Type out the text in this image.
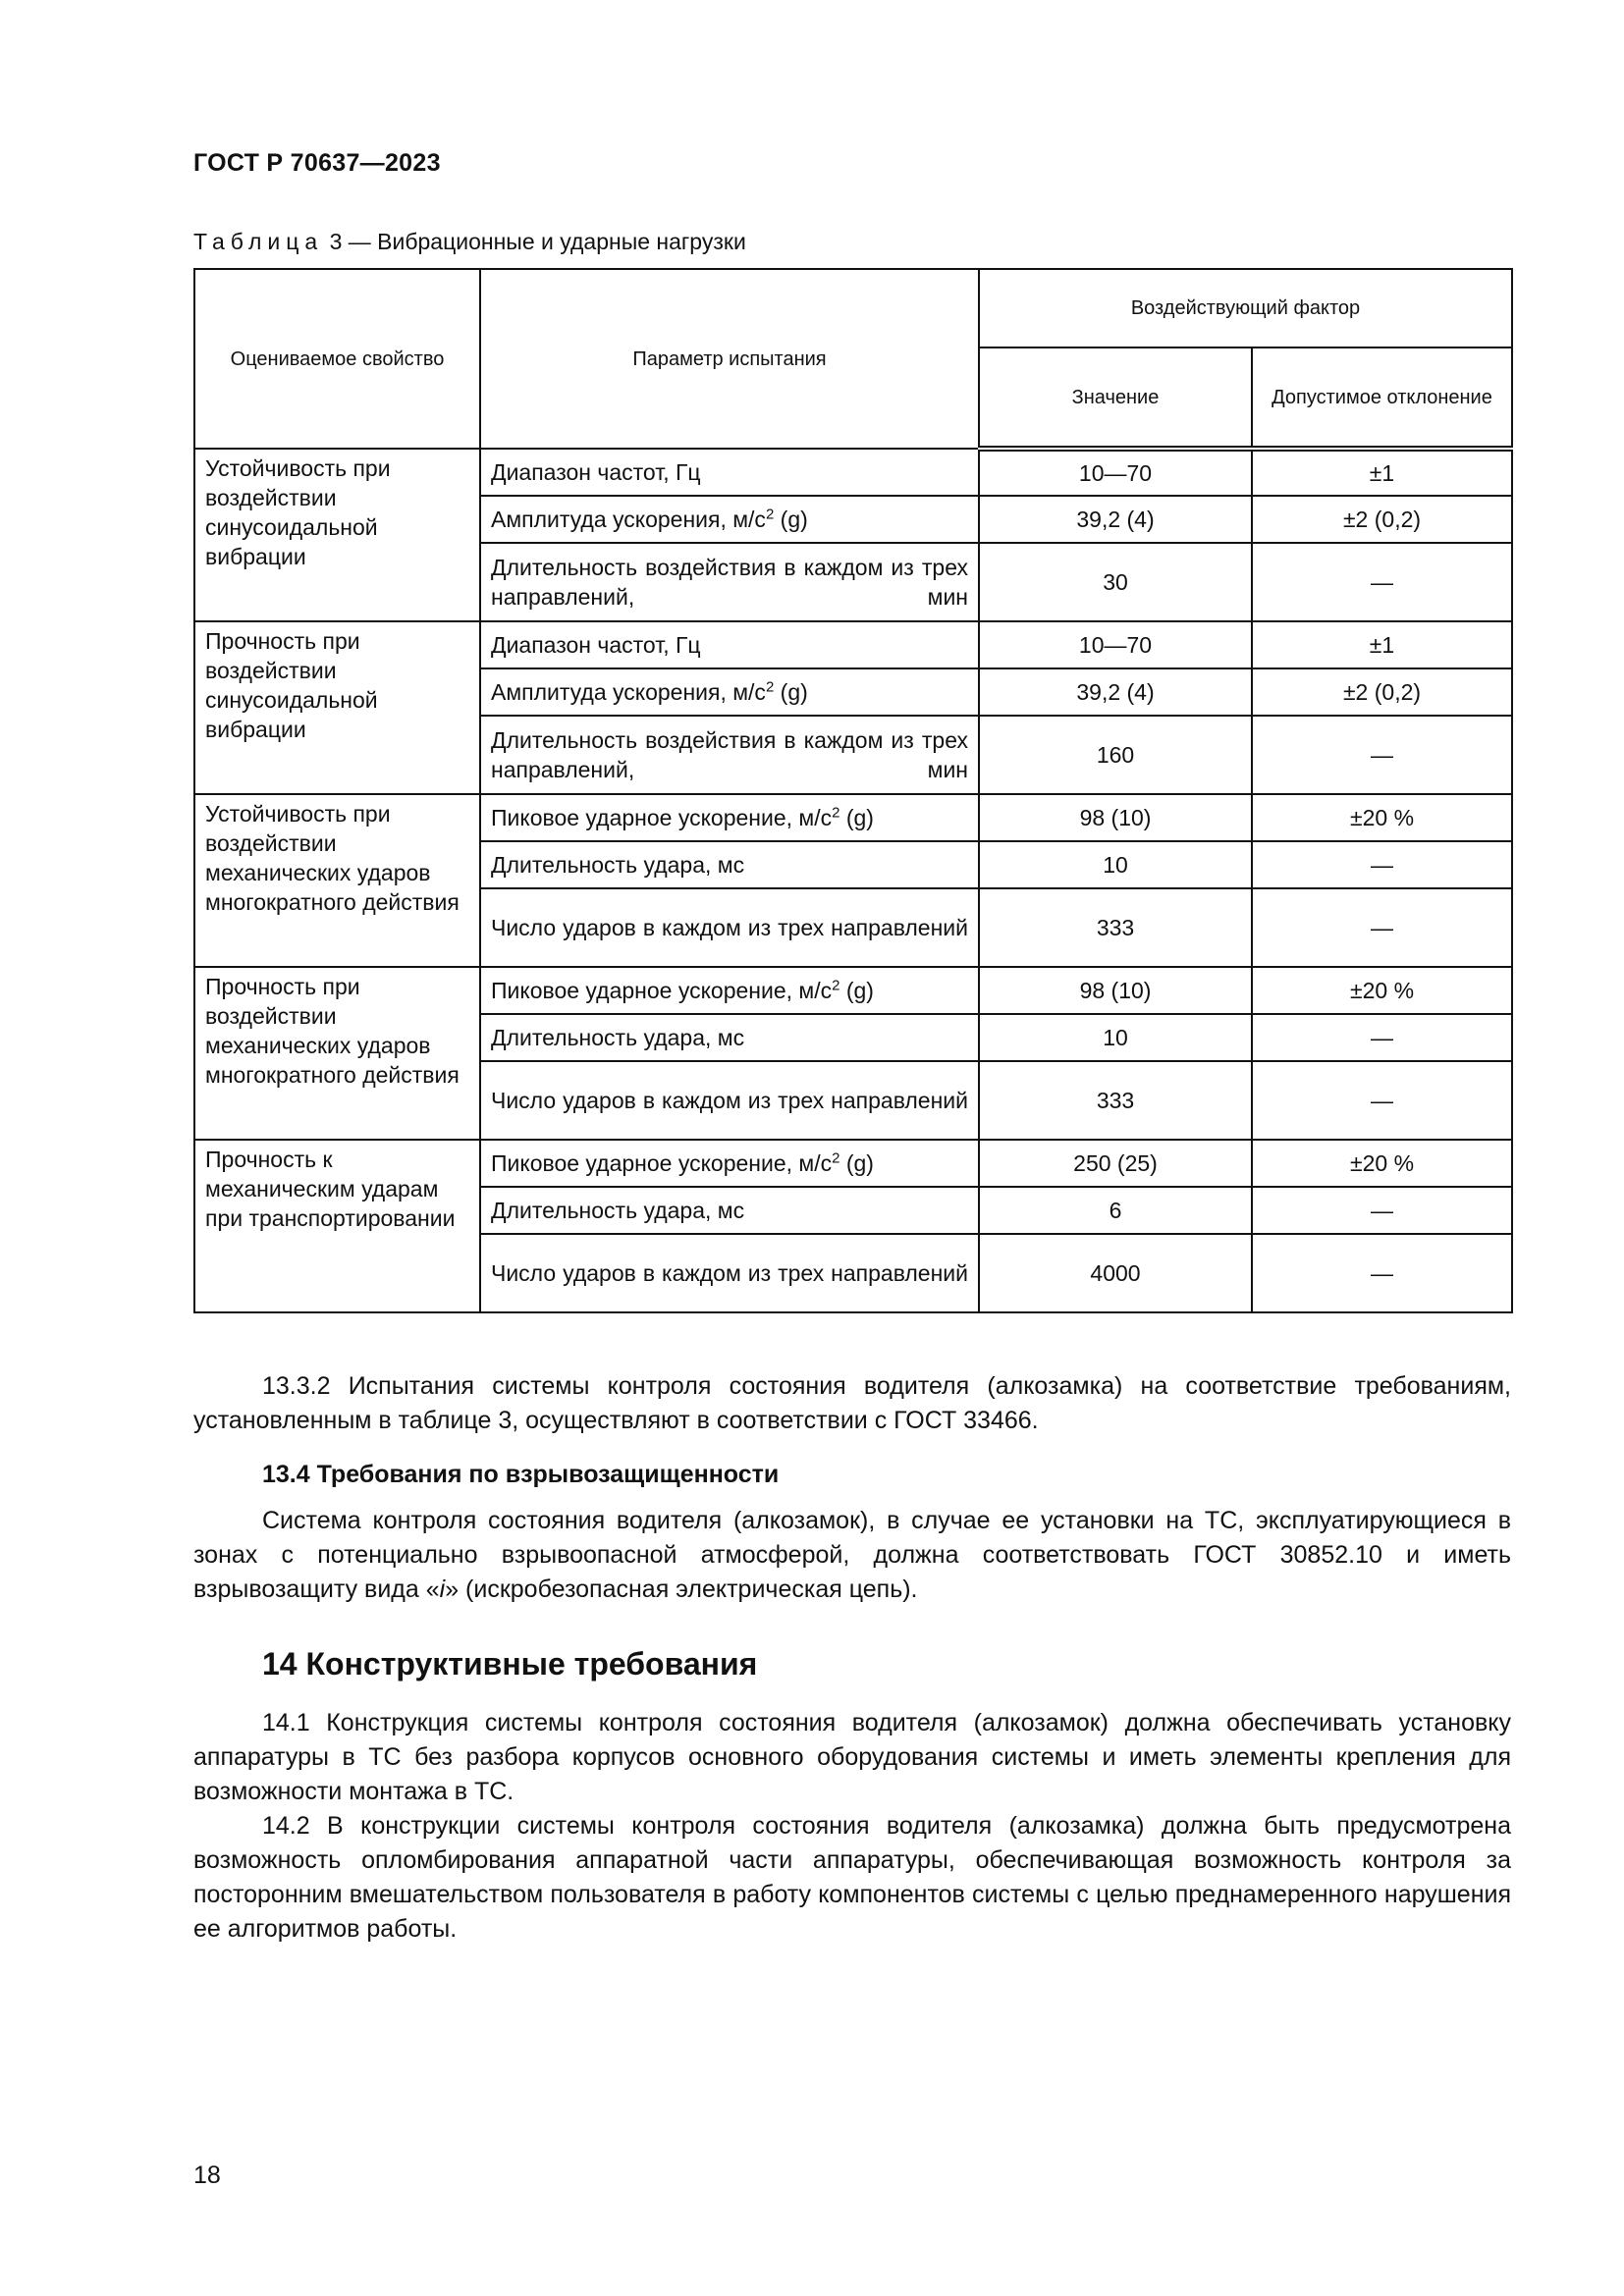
ГОСТ Р 70637—2023
Таблица 3 — Вибрационные и ударные нагрузки
Оцениваемое свойство	Параметр испытания	Воздействующий фактор	
		Значение	Допустимое отклонение
Устойчивость при воздействии синусоидальной вибрации	Диапазон частот, Гц	10—70	±1
	Амплитуда ускорения, $м/с^2$ (g)	39,2 (4)	±2 (0,2)
	Длительность воздействия в каждом из трех направлений, мин	30	—
Прочность при воздействии синусоидальной вибрации	Диапазон частот, Гц	10—70	±1
	Амплитуда ускорения, $м/с^2$ (g)	39,2 (4)	±2 (0,2)
	Длительность воздействия в каждом из трех направлений, мин	160	—
Устойчивость при воздействии механических ударов многократного действия	Пиковое ударное ускорение, $м/с^2$ (g)	98 (10)	±20 %
	Длительность удара, мс	10	—
	Число ударов в каждом из трех направлений	333	—
Прочность при воздействии механических ударов многократного действия	Пиковое ударное ускорение, $м/с^2$ (g)	98 (10)	±20 %
	Длительность удара, мс	10	—
	Число ударов в каждом из трех направлений	333	—
Прочность к механическим ударам при транспортировании	Пиковое ударное ускорение, $м/с^2$ (g)	250 (25)	±20 %
	Длительность удара, мс	6	—
	Число ударов в каждом из трех направлений	4000	—

13.3.2 Испытания системы контроля состояния водителя (алкозамка) на соответствие требованиям, установленным в таблице 3, осуществляют в соответствии с ГОСТ 33466.

13.4 Требования по взрывозащищенности

Система контроля состояния водителя (алкозамок), в случае ее установки на ТС, эксплуатирующиеся в зонах с потенциально взрывоопасной атмосферой, должна соответствовать ГОСТ 30852.10 и иметь взрывозащиту вида «i» (искробезопасная электрическая цепь).

14 Конструктивные требования

14.1 Конструкция системы контроля состояния водителя (алкозамок) должна обеспечивать установку аппаратуры в ТС без разбора корпусов основного оборудования системы и иметь элементы крепления для возможности монтажа в ТС.

14.2 В конструкции системы контроля состояния водителя (алкозамка) должна быть предусмотрена возможность опломбирования аппаратной части аппаратуры, обеспечивающая возможность контроля за посторонним вмешательством пользователя в работу компонентов системы с целью преднамеренного нарушения ее алгоритмов работы.

18
